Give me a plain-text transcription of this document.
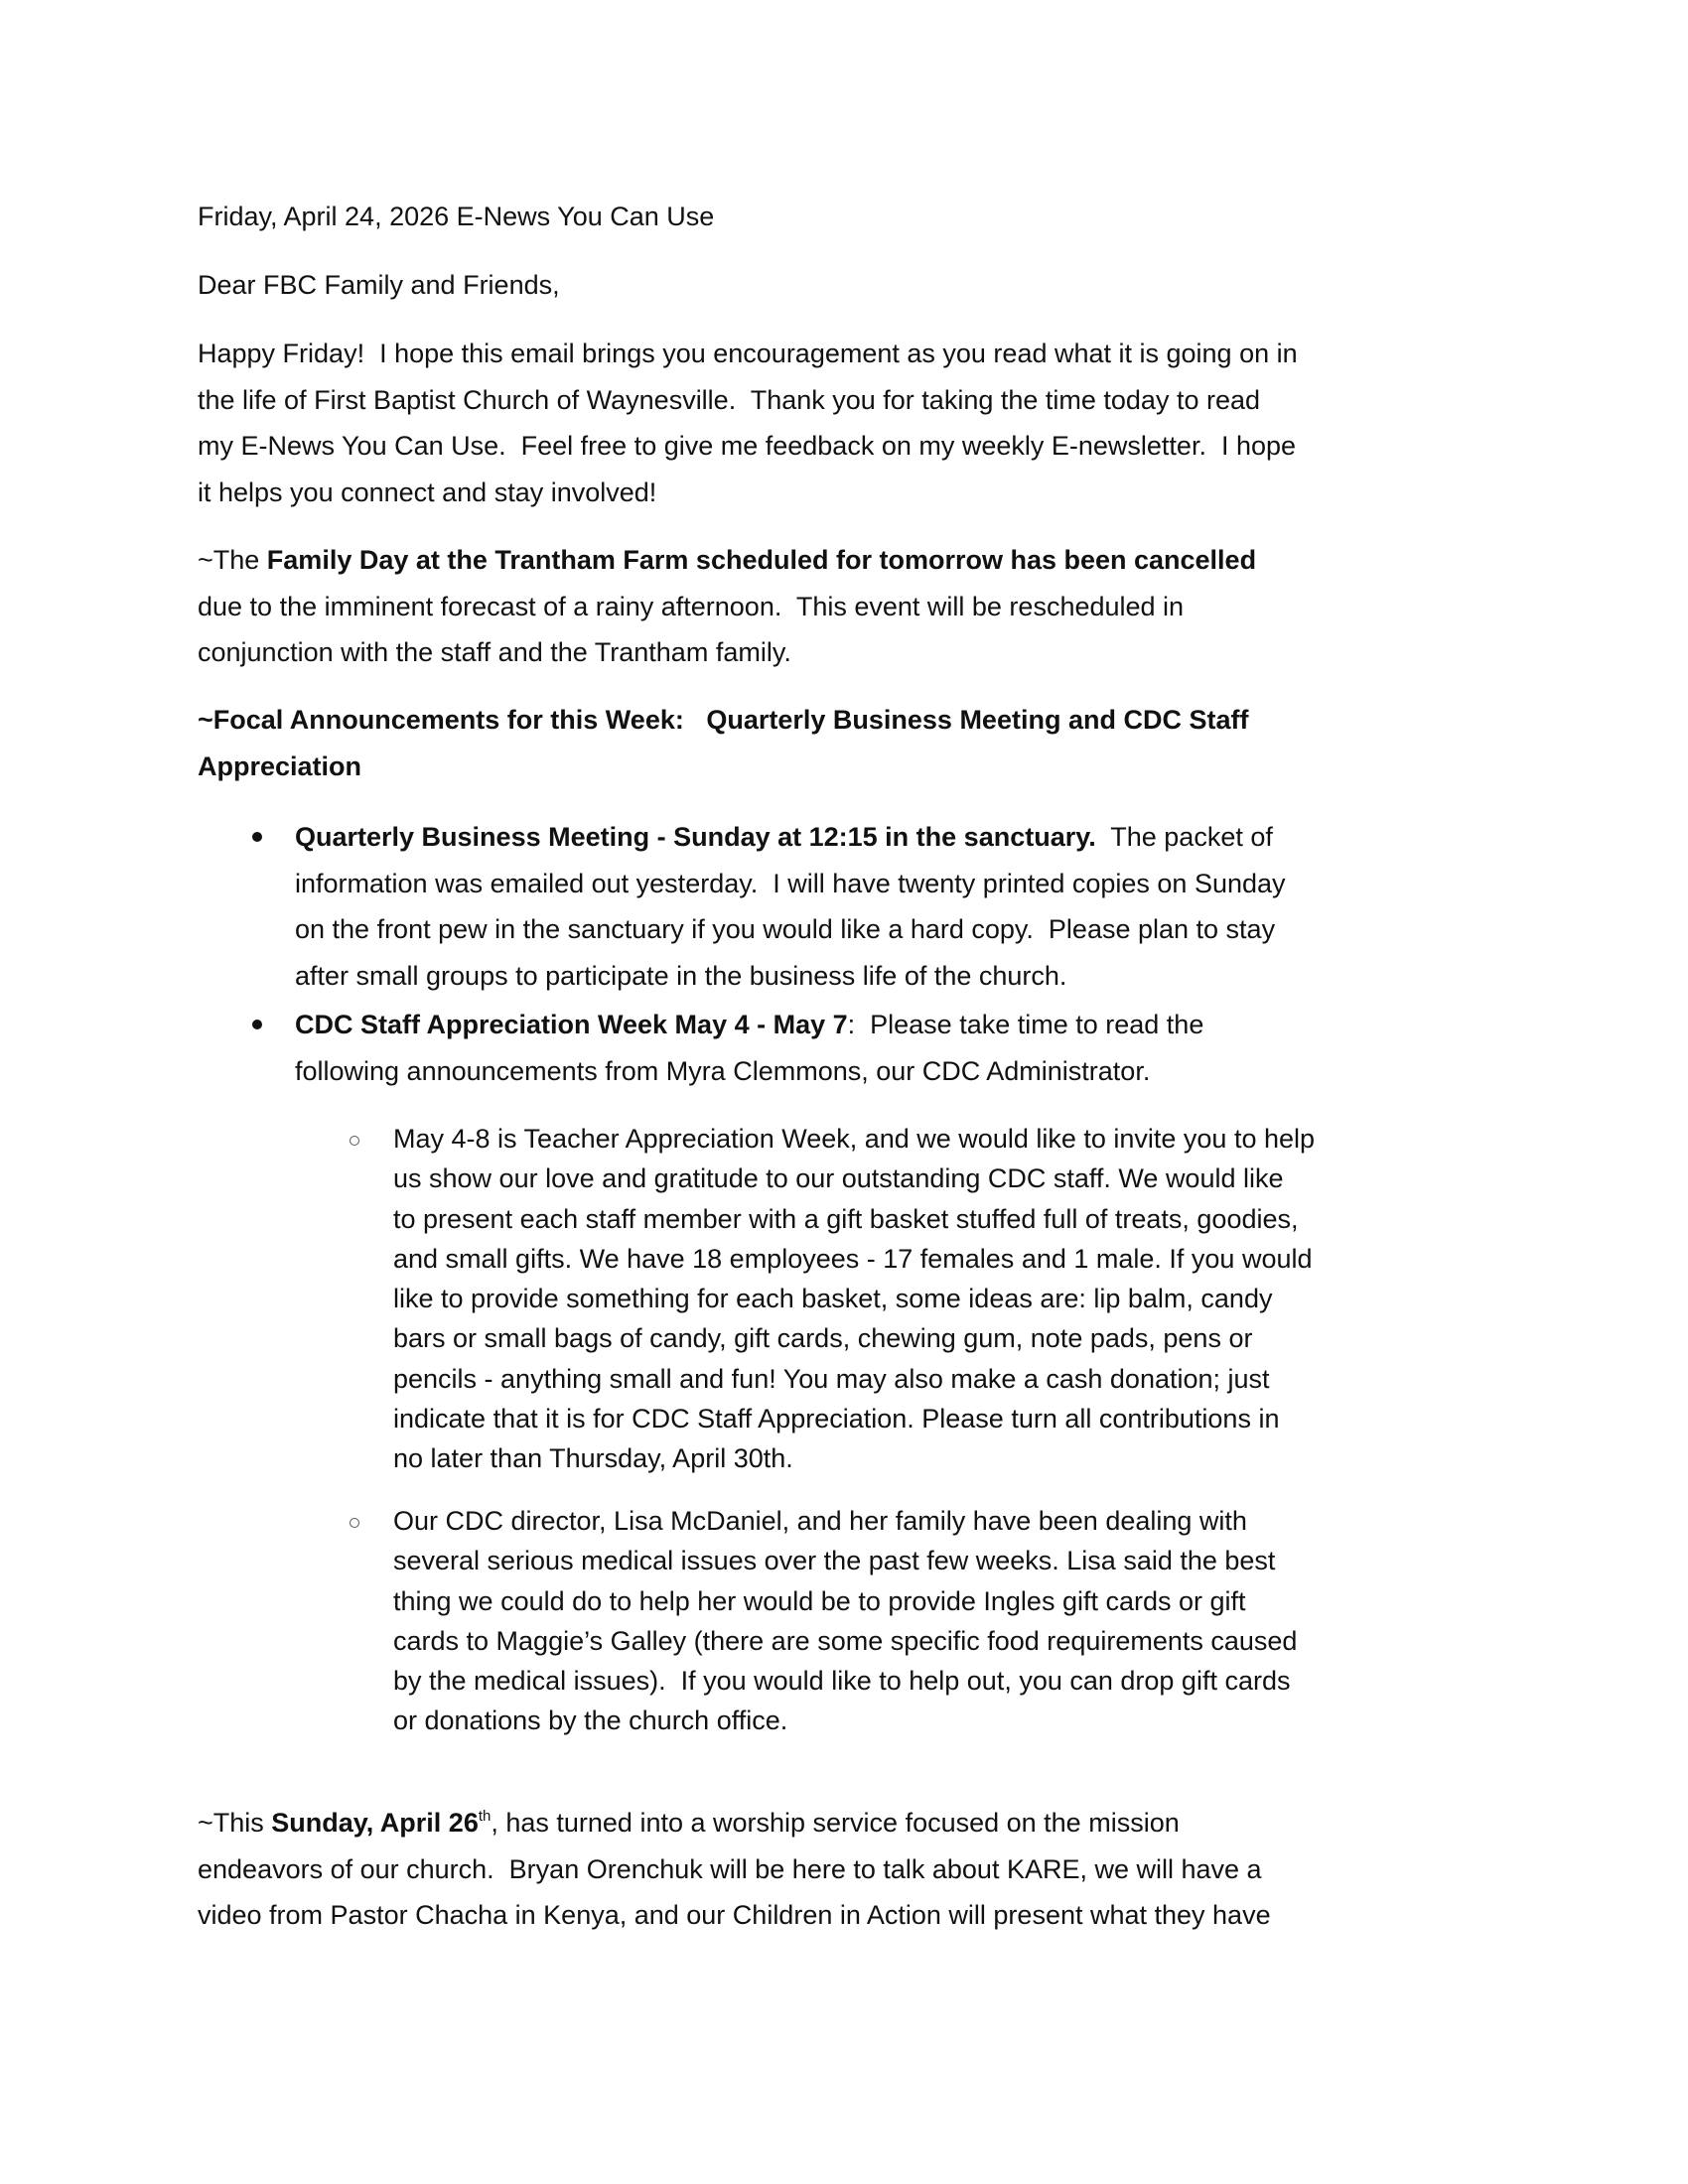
Friday, April 24, 2026 E-News You Can Use
Dear FBC Family and Friends,
Happy Friday!  I hope this email brings you encouragement as you read what it is going on in
the life of First Baptist Church of Waynesville.  Thank you for taking the time today to read
my E-News You Can Use.  Feel free to give me feedback on my weekly E-newsletter.  I hope
it helps you connect and stay involved!
~The Family Day at the Trantham Farm scheduled for tomorrow has been cancelled
due to the imminent forecast of a rainy afternoon.  This event will be rescheduled in
conjunction with the staff and the Trantham family.
~Focal Announcements for this Week:   Quarterly Business Meeting and CDC Staff
Appreciation
Quarterly Business Meeting - Sunday at 12:15 in the sanctuary.  The packet of
information was emailed out yesterday.  I will have twenty printed copies on Sunday
on the front pew in the sanctuary if you would like a hard copy.  Please plan to stay
after small groups to participate in the business life of the church.
CDC Staff Appreciation Week May 4 - May 7:  Please take time to read the
following announcements from Myra Clemmons, our CDC Administrator.
May 4-8 is Teacher Appreciation Week, and we would like to invite you to help
us show our love and gratitude to our outstanding CDC staff. We would like
to present each staff member with a gift basket stuffed full of treats, goodies,
and small gifts. We have 18 employees - 17 females and 1 male. If you would
like to provide something for each basket, some ideas are: lip balm, candy
bars or small bags of candy, gift cards, chewing gum, note pads, pens or
pencils - anything small and fun! You may also make a cash donation; just
indicate that it is for CDC Staff Appreciation. Please turn all contributions in
no later than Thursday, April 30th.
Our CDC director, Lisa McDaniel, and her family have been dealing with
several serious medical issues over the past few weeks. Lisa said the best
thing we could do to help her would be to provide Ingles gift cards or gift
cards to Maggie’s Galley (there are some specific food requirements caused
by the medical issues).  If you would like to help out, you can drop gift cards
or donations by the church office.
~This Sunday, April 26th, has turned into a worship service focused on the mission
endeavors of our church.  Bryan Orenchuk will be here to talk about KARE, we will have a
video from Pastor Chacha in Kenya, and our Children in Action will present what they have
